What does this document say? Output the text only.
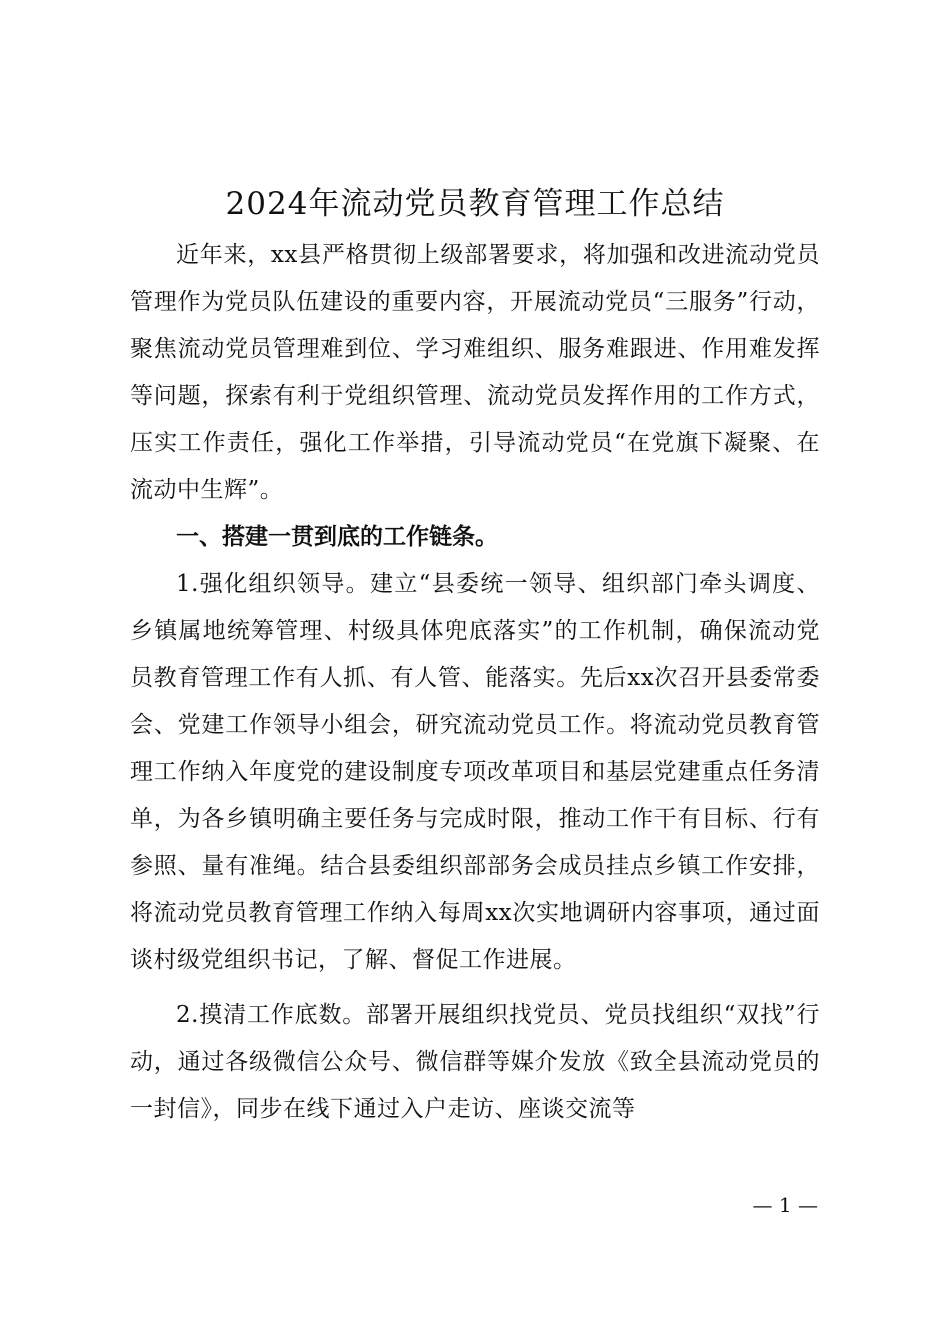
2024年流动党员教育管理工作总结

近年来，xx县严格贯彻上级部署要求，将加强和改进流动党员管理作为党员队伍建设的重要内容，开展流动党员“三服务”行动，聚焦流动党员管理难到位、学习难组织、服务难跟进、作用难发挥等问题，探索有利于党组织管理、流动党员发挥作用的工作方式，压实工作责任，强化工作举措，引导流动党员“在党旗下凝聚、在流动中生辉”。

一、搭建一贯到底的工作链条。

1.强化组织领导。建立“县委统一领导、组织部门牵头调度、乡镇属地统筹管理、村级具体兜底落实”的工作机制，确保流动党员教育管理工作有人抓、有人管、能落实。先后xx次召开县委常委会、党建工作领导小组会，研究流动党员工作。将流动党员教育管理工作纳入年度党的建设制度专项改革项目和基层党建重点任务清单，为各乡镇明确主要任务与完成时限，推动工作干有目标、行有参照、量有准绳。结合县委组织部部务会成员挂点乡镇工作安排，将流动党员教育管理工作纳入每周xx次实地调研内容事项，通过面谈村级党组织书记，了解、督促工作进展。

2.摸清工作底数。部署开展组织找党员、党员找组织“双找”行动，通过各级微信公众号、微信群等媒介发放《致全县流动党员的一封信》，同步在线下通过入户走访、座谈交流等

— 1 —
